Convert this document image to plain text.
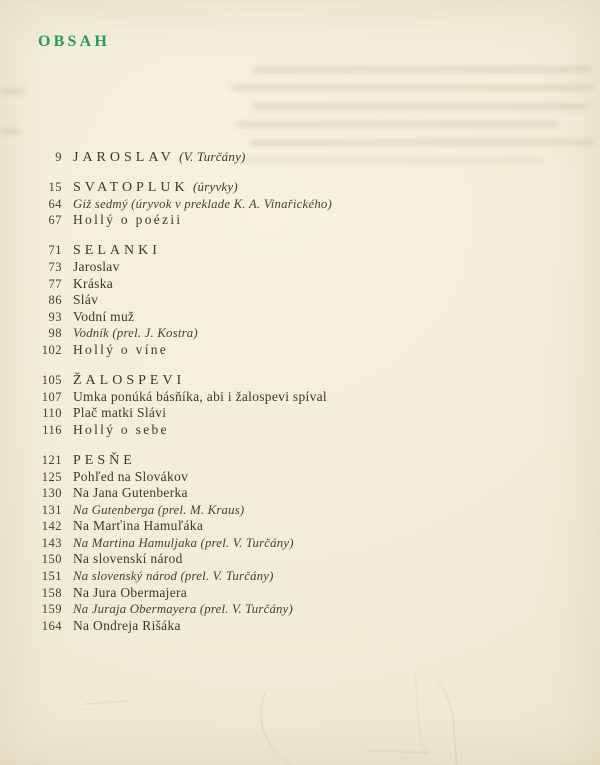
OBSAH
9 JAROSLAV (V. Turčány)
15 SVATOPLUK (úryvky)
64 Giž sedmý (úryvok v preklade K. A. Vinařického)
67 Hollý o poézii
71 SELANKI
73 Jaroslav
77 Kráska
86 Sláv
93 Vodní muž
98 Vodník (prel. J. Kostra)
102 Hollý o víne
105 ŽALOSPEVI
107 Umka ponúká básňíka, abi i žalospevi spíval
110 Plač matki Slávi
116 Hollý o sebe
121 PESŇE
125 Pohľed na Slovákov
130 Na Jana Gutenberka
131 Na Gutenberga (prel. M. Kraus)
142 Na Marťina Hamuľáka
143 Na Martina Hamuljaka (prel. V. Turčány)
150 Na slovenskí národ
151 Na slovenský národ (prel. V. Turčány)
158 Na Jura Obermajera
159 Na Juraja Obermayera (prel. V. Turčány)
164 Na Ondreja Rišáka
